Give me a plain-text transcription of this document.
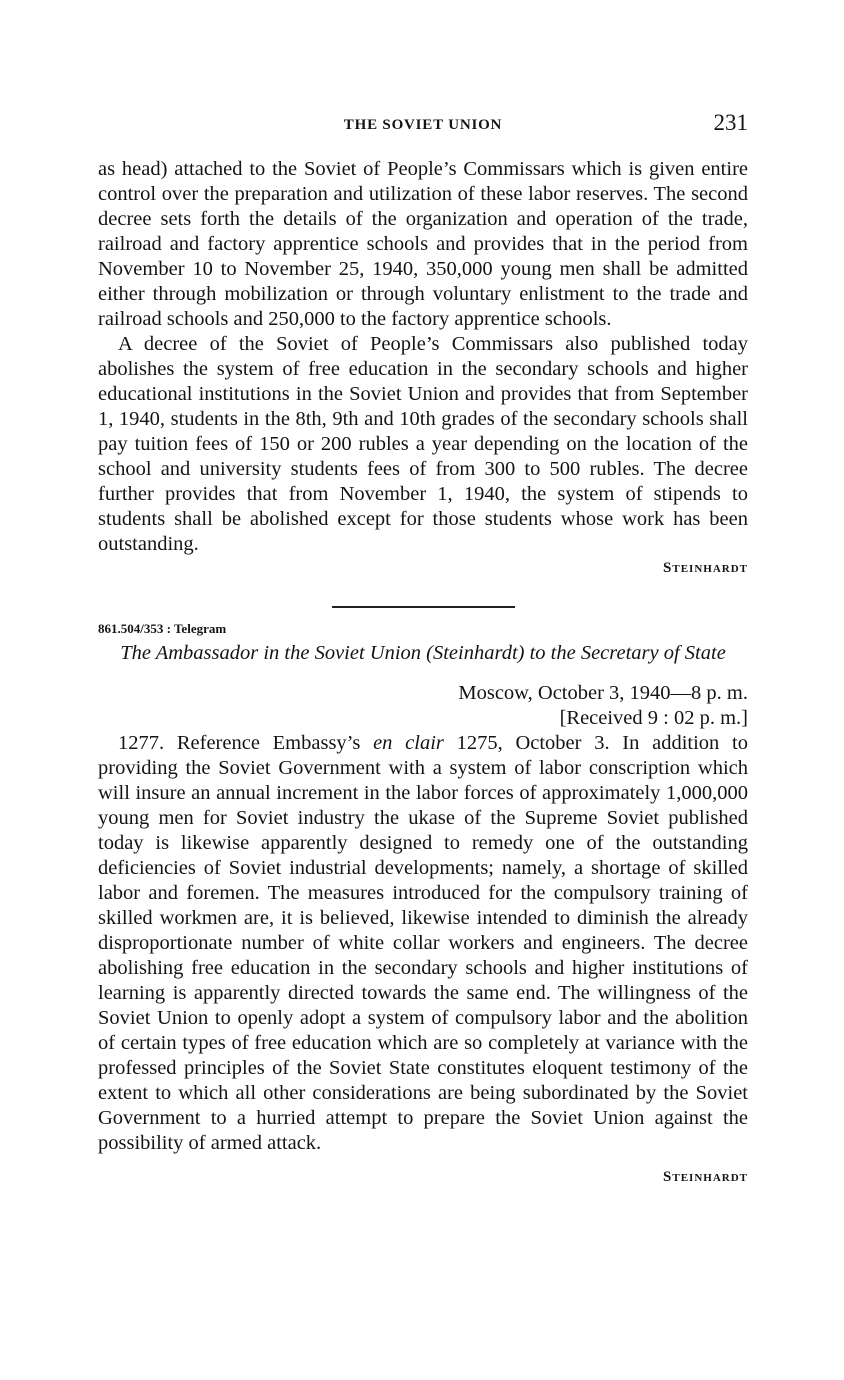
THE SOVIET UNION	231

as head) attached to the Soviet of People’s Commissars which is given entire control over the preparation and utilization of these labor reserves. The second decree sets forth the details of the organization and operation of the trade, railroad and factory apprentice schools and provides that in the period from November 10 to November 25, 1940, 350,000 young men shall be admitted either through mobilization or through voluntary enlistment to the trade and railroad schools and 250,000 to the factory apprentice schools.

A decree of the Soviet of People’s Commissars also published today abolishes the system of free education in the secondary schools and higher educational institutions in the Soviet Union and provides that from September 1, 1940, students in the 8th, 9th and 10th grades of the secondary schools shall pay tuition fees of 150 or 200 rubles a year depending on the location of the school and university students fees of from 300 to 500 rubles. The decree further provides that from November 1, 1940, the system of stipends to students shall be abolished except for those students whose work has been outstanding.

Steinhardt
861.504/353 : Telegram
The Ambassador in the Soviet Union (Steinhardt) to the Secretary of State
Moscow, October 3, 1940—8 p. m.
[Received 9 : 02 p. m.]

1277. Reference Embassy’s en clair 1275, October 3. In addition to providing the Soviet Government with a system of labor conscription which will insure an annual increment in the labor forces of approximately 1,000,000 young men for Soviet industry the ukase of the Supreme Soviet published today is likewise apparently designed to remedy one of the outstanding deficiencies of Soviet industrial developments; namely, a shortage of skilled labor and foremen. The measures introduced for the compulsory training of skilled workmen are, it is believed, likewise intended to diminish the already disproportionate number of white collar workers and engineers. The decree abolishing free education in the secondary schools and higher institutions of learning is apparently directed towards the same end. The willingness of the Soviet Union to openly adopt a system of compulsory labor and the abolition of certain types of free education which are so completely at variance with the professed principles of the Soviet State constitutes eloquent testimony of the extent to which all other considerations are being subordinated by the Soviet Government to a hurried attempt to prepare the Soviet Union against the possibility of armed attack.

Steinhardt
